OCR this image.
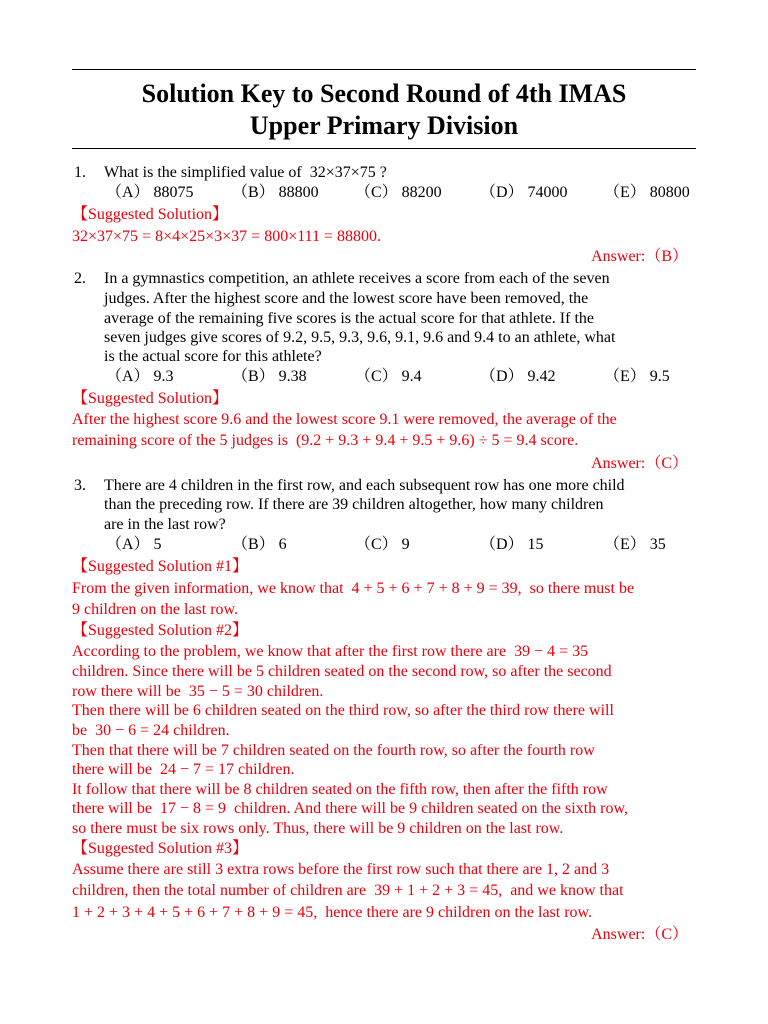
Solution Key to Second Round of 4th IMAS
Upper Primary Division
1. What is the simplified value of  32×37×75 ?
（A） 88075 （B） 88800 （C） 88200 （D） 74000 （E） 80800
【Suggested Solution】
32×37×75 = 8×4×25×3×37 = 800×111 = 88800.
Answer:（B）
2. In a gymnastics competition, an athlete receives a score from each of the seven
judges. After the highest score and the lowest score have been removed, the
average of the remaining five scores is the actual score for that athlete. If the
seven judges give scores of 9.2, 9.5, 9.3, 9.6, 9.1, 9.6 and 9.4 to an athlete, what
is the actual score for this athlete?
（A） 9.3	（B） 9.38	（C） 9.4	（D） 9.42	（E） 9.5
【Suggested Solution】
After the highest score 9.6 and the lowest score 9.1 were removed, the average of the
remaining score of the 5 judges is  (9.2 + 9.3 + 9.4 + 9.5 + 9.6) ÷ 5 = 9.4 score.
Answer:（C）
3. There are 4 children in the first row, and each subsequent row has one more child
than the preceding row. If there are 39 children altogether, how many children
are in the last row?
（A） 5	（B） 6	（C） 9	（D） 15	（E） 35
【Suggested Solution #1】
From the given information, we know that  4 + 5 + 6 + 7 + 8 + 9 = 39,  so there must be
9 children on the last row.
【Suggested Solution #2】
According to the problem, we know that after the first row there are  39 − 4 = 35
children. Since there will be 5 children seated on the second row, so after the second
row there will be  35 − 5 = 30 children.
Then there will be 6 children seated on the third row, so after the third row there will
be  30 − 6 = 24 children.
Then that there will be 7 children seated on the fourth row, so after the fourth row
there will be  24 − 7 = 17 children.
It follow that there will be 8 children seated on the fifth row, then after the fifth row
there will be  17 − 8 = 9  children. And there will be 9 children seated on the sixth row,
so there must be six rows only. Thus, there will be 9 children on the last row.
【Suggested Solution #3】
Assume there are still 3 extra rows before the first row such that there are 1, 2 and 3
children, then the total number of children are  39 + 1 + 2 + 3 = 45,  and we know that
1 + 2 + 3 + 4 + 5 + 6 + 7 + 8 + 9 = 45,  hence there are 9 children on the last row.
Answer:（C）
